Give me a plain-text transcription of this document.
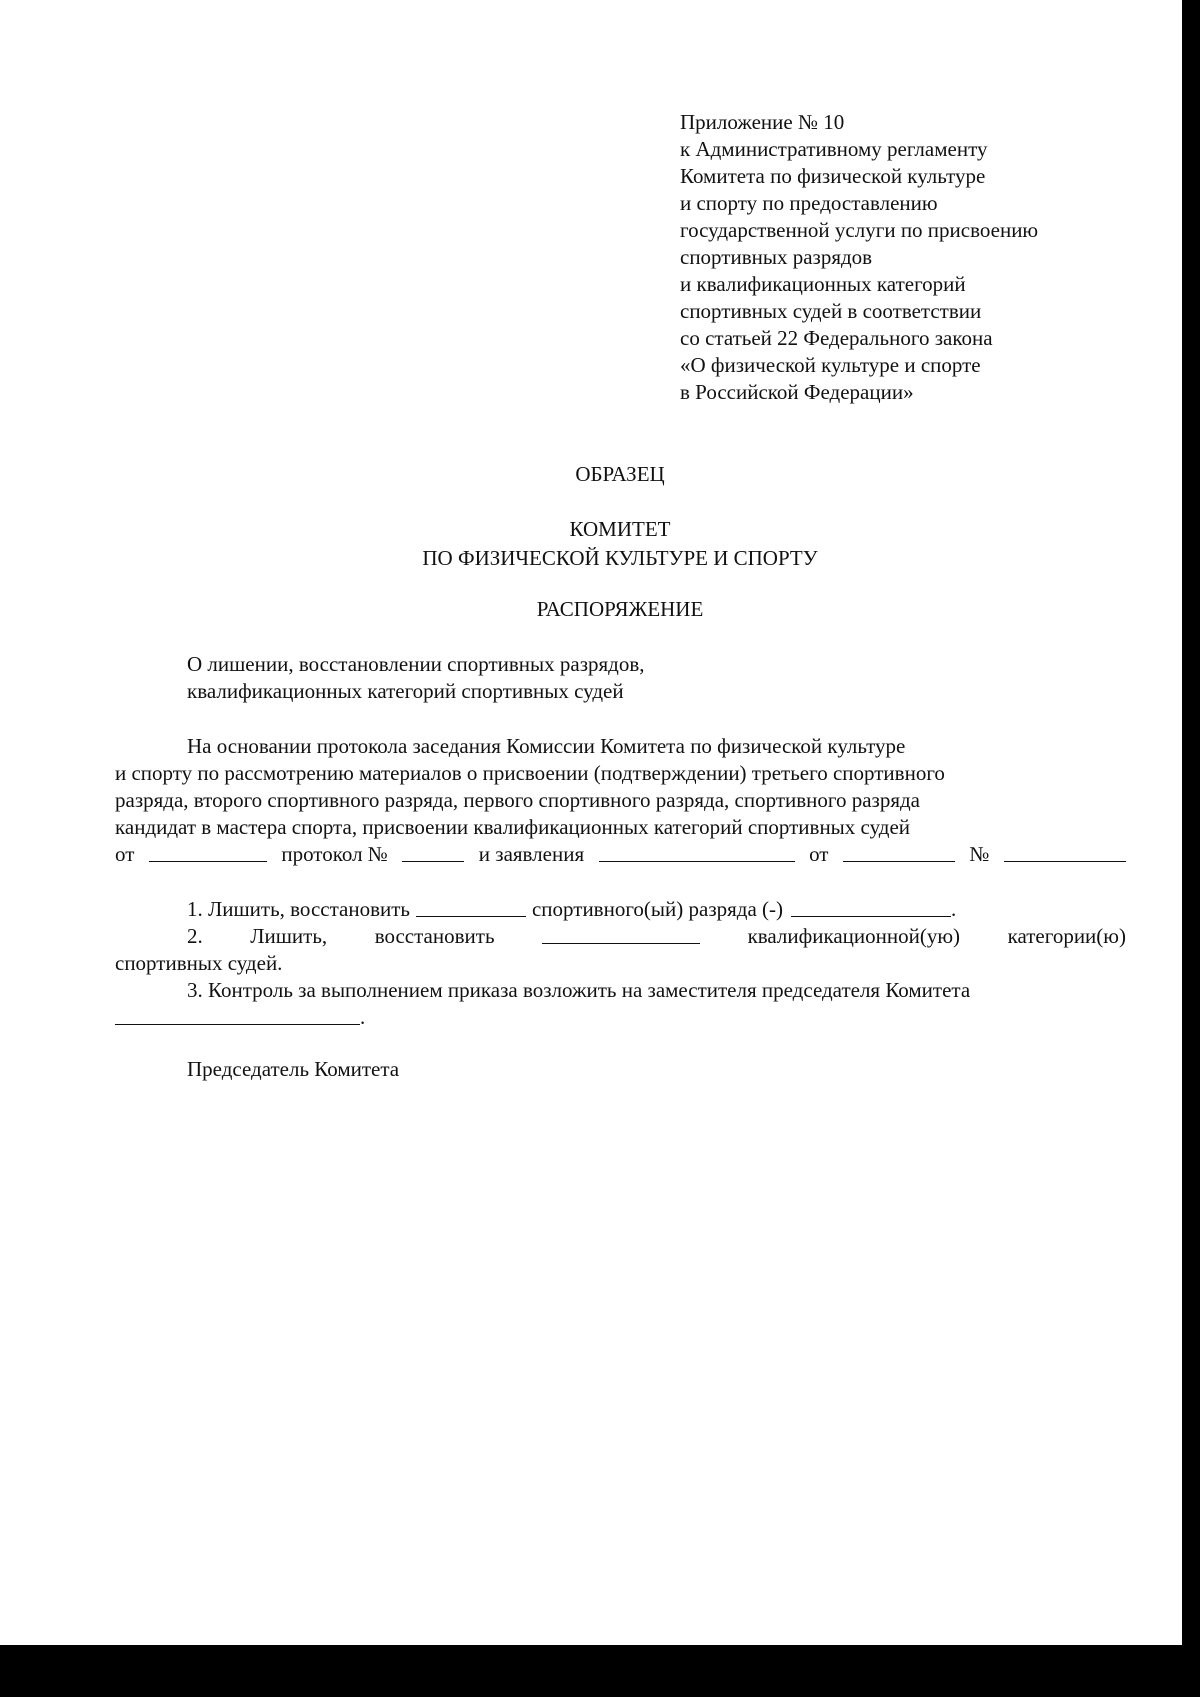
Приложение № 10
к Административному регламенту
Комитета по физической культуре
и спорту по предоставлению
государственной услуги по присвоению
спортивных разрядов
и квалификационных категорий
спортивных судей в соответствии
со статьей 22 Федерального закона
«О физической культуре и спорте
в Российской Федерации»
ОБРАЗЕЦ
КОМИТЕТ
ПО ФИЗИЧЕСКОЙ КУЛЬТУРЕ И СПОРТУ
РАСПОРЯЖЕНИЕ
О лишении, восстановлении спортивных разрядов,
квалификационных категорий спортивных судей
На основании протокола заседания Комиссии Комитета по физической культуре
и спорту по рассмотрению материалов о присвоении (подтверждении) третьего спортивного
разряда, второго спортивного разряда, первого спортивного разряда, спортивного разряда
кандидат в мастера спорта, присвоении квалификационных категорий спортивных судей
от	протокол №	и заявления	от	№
1. Лишить, восстановить	спортивного(ый) разряда (-)	.
2. Лишить, восстановить	квалификационной(ую) категории(ю)
спортивных судей.
3. Контроль за выполнением приказа возложить на заместителя председателя Комитета
.
Председатель Комитета
